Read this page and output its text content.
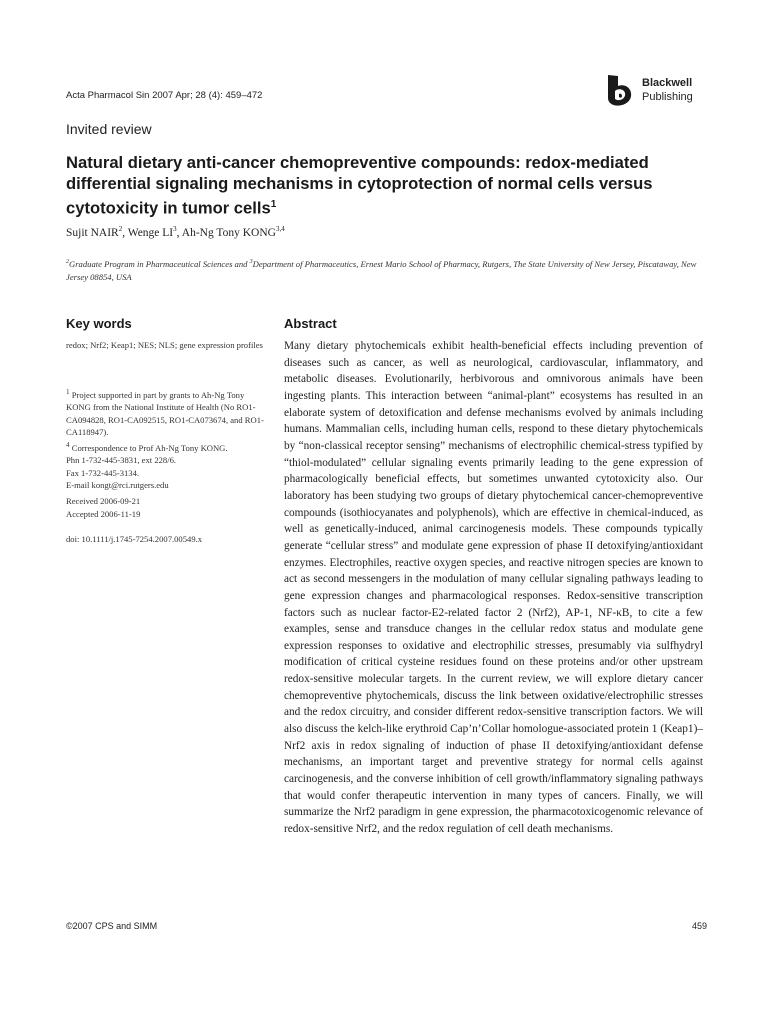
Acta Pharmacol Sin 2007 Apr; 28 (4): 459–472
Blackwell
Publishing
Invited review
Natural dietary anti-cancer chemopreventive compounds: redox-mediated differential signaling mechanisms in cytoprotection of normal cells versus cytotoxicity in tumor cells$^1$
Sujit NAIR$^2$, Wenge $LI^3$, Ah-Ng Tony KONG$^{3,4}$
$^2$Graduate Program in Pharmaceutical Sciences and $^3$Department of Pharmaceutics, Ernest Mario School of Pharmacy, Rutgers, The State University of New Jersey, Piscataway, New Jersey 08854, USA
Key words	Abstract

redox; Nrf2; Keap1; NES; NLS; gene expression profiles

$^1$ Project supported in part by grants to Ah-Ng Tony KONG from the National Institute of Health (No RO1-CA094828, RO1-CA092515, RO1-CA073674, and RO1-CA118947).

$^4$ Correspondence to Prof Ah-Ng Tony KONG.

Phn 1-732-445-3831, ext 228/6.

Fax 1-732-445-3134.

E-mail kongt@rci.rutgers.edu

Received 2006-09-21

Accepted 2006-11-19

doi: 10.1111/j.1745-7254.2007.00549.x

Many dietary phytochemicals exhibit health-beneficial effects including prevention of diseases such as cancer, as well as neurological, cardiovascular, inflammatory, and metabolic diseases. Evolutionarily, herbivorous and omnivorous animals have been ingesting plants. This interaction between “animal-plant” ecosystems has resulted in an elaborate system of detoxification and defense mechanisms evolved by animals including humans. Mammalian cells, including human cells, respond to these dietary phytochemicals by “non-classical receptor sensing” mechanisms of electrophilic chemical-stress typified by “thiol-modulated” cellular signaling events primarily leading to the gene expression of pharmacologically beneficial effects, but sometimes unwanted cytotoxicity also. Our laboratory has been studying two groups of dietary phytochemical cancer-chemopreventive compounds (isothiocyanates and polyphenols), which are effective in chemical-induced, as well as genetically-induced, animal carcinogenesis models. These compounds typically generate “cellular stress” and modulate gene expression of phase II detoxifying/antioxidant enzymes. Electrophiles, reactive oxygen species, and reactive nitrogen species are known to act as second messengers in the modulation of many cellular signaling pathways leading to gene expression changes and pharmacological responses. Redox-sensitive transcription factors such as nuclear factor-E2-related factor 2 (Nrf2), AP-1, NF-κB, to cite a few examples, sense and transduce changes in the cellular redox status and modulate gene expression responses to oxidative and electrophilic stresses, presumably via sulfhydryl modification of critical cysteine residues found on these proteins and/or other upstream redox-sensitive molecular targets. In the current review, we will explore dietary cancer chemopreventive phytochemicals, discuss the link between oxidative/electrophilic stresses and the redox circuitry, and consider different redox-sensitive transcription factors. We will also discuss the kelch-like erythroid Cap’n’Collar homologue-associated protein 1 (Keap1)–Nrf2 axis in redox signaling of induction of phase II detoxifying/antioxidant defense mechanisms, an important target and preventive strategy for normal cells against carcinogenesis, and the converse inhibition of cell growth/inflammatory signaling pathways that would confer therapeutic intervention in many types of cancers. Finally, we will summarize the Nrf2 paradigm in gene expression, the pharmacotoxicogenomic relevance of redox-sensitive Nrf2, and the redox regulation of cell death mechanisms.

©2007 CPS and SIMM	459
